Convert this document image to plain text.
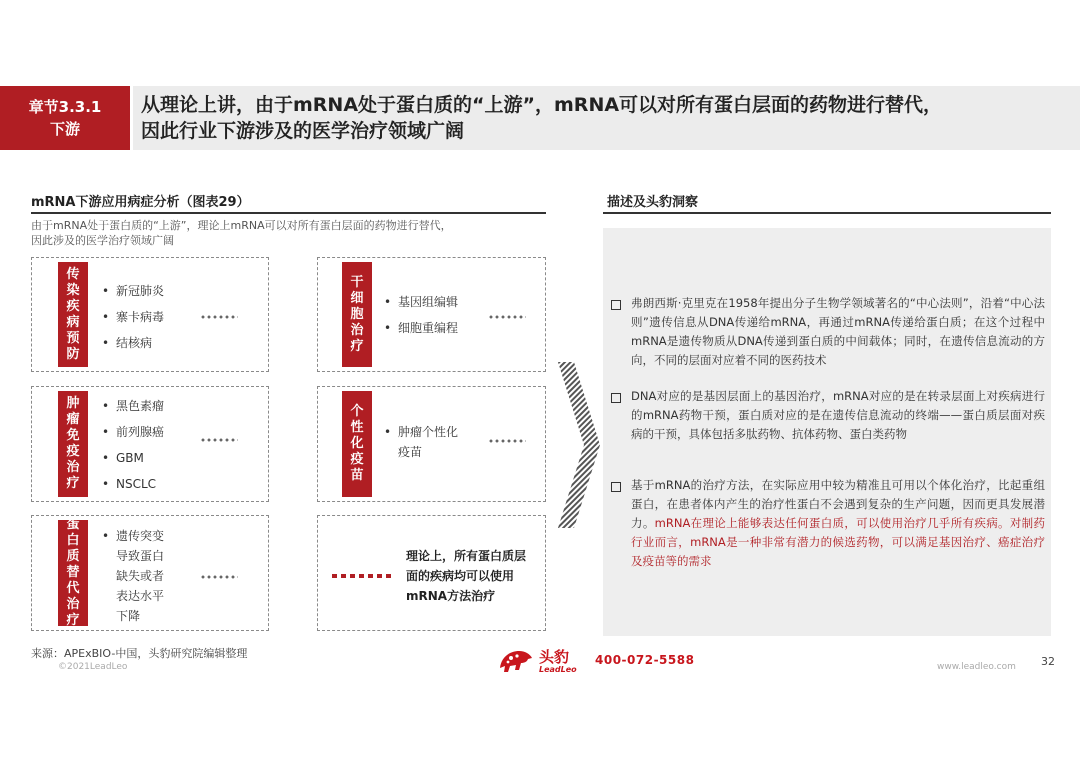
章节3.3.1
下游
从理论上讲，由于mRNA处于蛋白质的“上游”，mRNA可以对所有蛋白层面的药物进行替代，
因此行业下游涉及的医学治疗领域广阔
mRNA下游应用病症分析（图表29）
由于mRNA处于蛋白质的“上游”，理论上mRNA可以对所有蛋白层面的药物进行替代，
因此涉及的医学治疗领域广阔
传染疾病预防
• 新冠肺炎
• 寨卡病毒
• 结核病
干细胞治疗
• 基因组编辑
• 细胞重编程
肿瘤免疫治疗
• 黑色素瘤
• 前列腺癌
• GBM
• NSCLC
个性化疫苗
• 肿瘤个性化疫苗
蛋白质替代治疗
• 遗传突变导致蛋白缺失或者表达水平下降
理论上，所有蛋白质层面的疾病均可以使用mRNA方法治疗
描述及头豹洞察
弗朗西斯·克里克在1958年提出分子生物学领域著名的“中心法则”，沿着“中心法则”遗传信息从DNA传递给mRNA，再通过mRNA传递给蛋白质；在这个过程中mRNA是遗传物质从DNA传递到蛋白质的中间载体；同时，在遗传信息流动的方向，不同的层面对应着不同的医药技术
DNA对应的是基因层面上的基因治疗，mRNA对应的是在转录层面上对疾病进行的mRNA药物干预，蛋白质对应的是在遗传信息流动的终端——蛋白质层面对疾病的干预，具体包括多肽药物、抗体药物、蛋白类药物
基于mRNA的治疗方法，在实际应用中较为精准且可用以个体化治疗，比起重组蛋白，在患者体内产生的治疗性蛋白不会遇到复杂的生产问题，因而更具发展潜力。mRNA在理论上能够表达任何蛋白质，可以使用治疗几乎所有疾病。对制药行业而言，mRNA是一种非常有潜力的候选药物，可以满足基因治疗、癌症治疗及疫苗等的需求
来源：APExBIO-中国，头豹研究院编辑整理
©2021LeadLeo
头豹
LeadLeo
400-072-5588	www.leadleo.com 32
